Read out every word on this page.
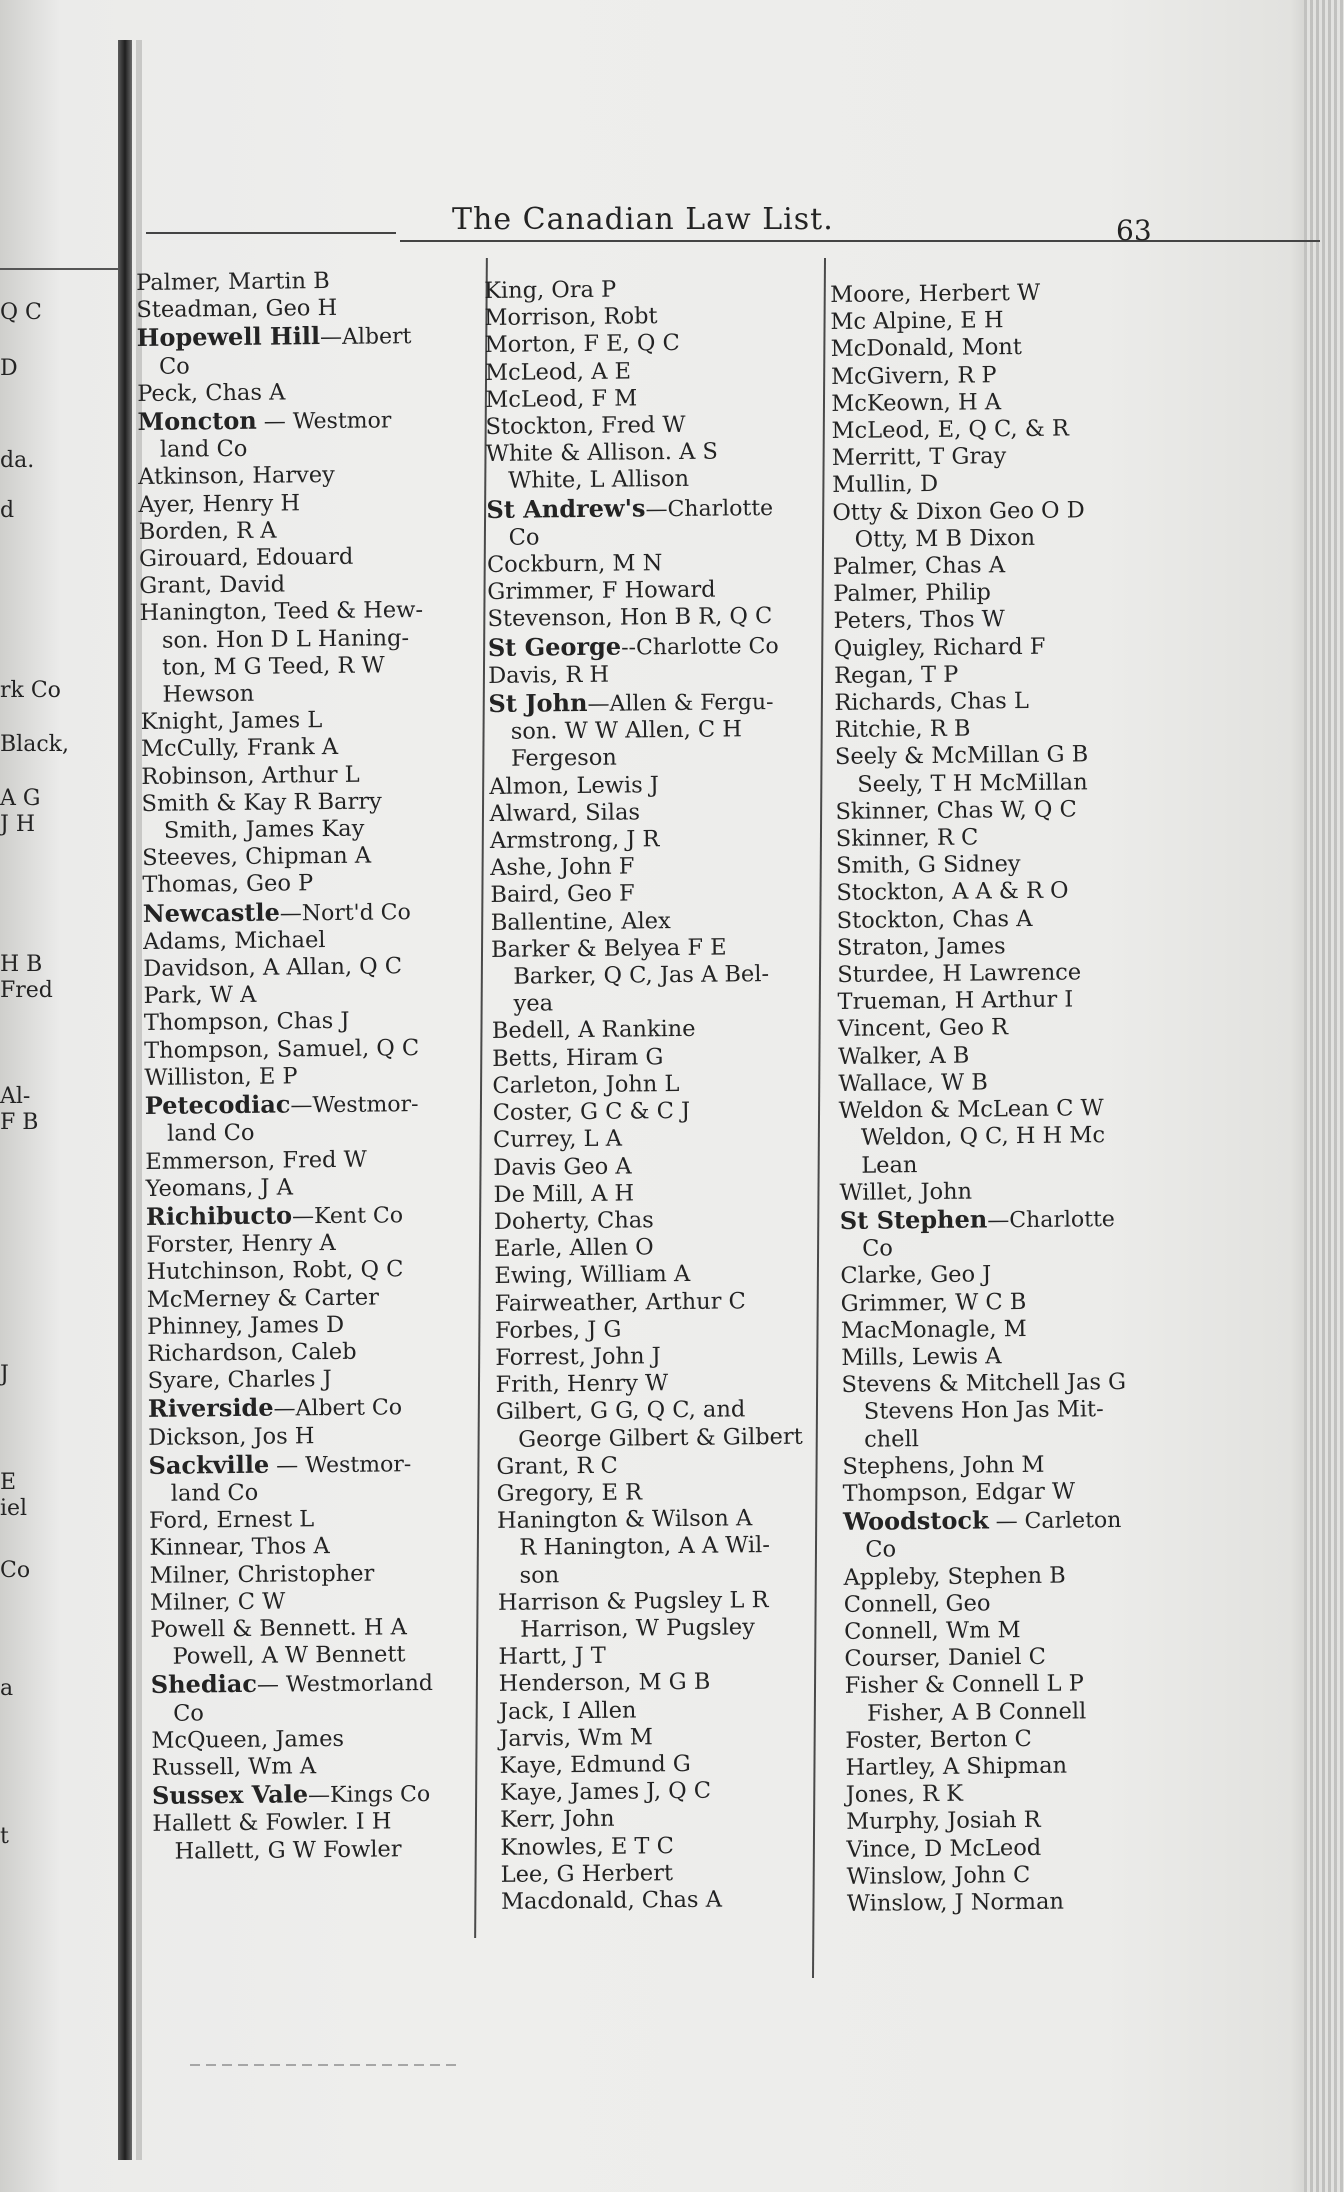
Q C
D
da.
d
rk Co
Black,
A G
J H
H B
Fred
Al-
F B
J
E
iel
Co
a
t
The Canadian Law List.	63
Palmer, Martin B
Steadman, Geo H
Hopewell Hill—Albert
Co
Peck, Chas A
Moncton — Westmor
land Co
Atkinson, Harvey
Ayer, Henry H
Borden, R A
Girouard, Edouard
Grant, David
Hanington, Teed & Hew-
son. Hon D L Haning-
ton, M G Teed, R W
Hewson
Knight, James L
McCully, Frank A
Robinson, Arthur L
Smith & Kay R Barry
Smith, James Kay
Steeves, Chipman A
Thomas, Geo P
Newcastle—Nort'd Co
Adams, Michael
Davidson, A Allan, Q C
Park, W A
Thompson, Chas J
Thompson, Samuel, Q C
Williston, E P
Petecodiac—Westmor-
land Co
Emmerson, Fred W
Yeomans, J A
Richibucto—Kent Co
Forster, Henry A
Hutchinson, Robt, Q C
McMerney & Carter
Phinney, James D
Richardson, Caleb
Syare, Charles J
Riverside—Albert Co
Dickson, Jos H
Sackville — Westmor-
land Co
Ford, Ernest L
Kinnear, Thos A
Milner, Christopher
Milner, C W
Powell & Bennett. H A
Powell, A W Bennett
Shediac— Westmorland
Co
McQueen, James
Russell, Wm A
Sussex Vale—Kings Co
Hallett & Fowler. I H
Hallett, G W Fowler
King, Ora P
Morrison, Robt
Morton, F E, Q C
McLeod, A E
McLeod, F M
Stockton, Fred W
White & Allison. A S
White, L Allison
St Andrew's—Charlotte
Co
Cockburn, M N
Grimmer, F Howard
Stevenson, Hon B R, Q C
St George--Charlotte Co
Davis, R H
St John—Allen & Fergu-
son. W W Allen, C H
Fergeson
Almon, Lewis J
Alward, Silas
Armstrong, J R
Ashe, John F
Baird, Geo F
Ballentine, Alex
Barker & Belyea F E
Barker, Q C, Jas A Bel-
yea
Bedell, A Rankine
Betts, Hiram G
Carleton, John L
Coster, G C & C J
Currey, L A
Davis Geo A
De Mill, A H
Doherty, Chas
Earle, Allen O
Ewing, William A
Fairweather, Arthur C
Forbes, J G
Forrest, John J
Frith, Henry W
Gilbert, G G, Q C, and
George Gilbert & Gilbert
Grant, R C
Gregory, E R
Hanington & Wilson A
R Hanington, A A Wil-
son
Harrison & Pugsley L R
Harrison, W Pugsley
Hartt, J T
Henderson, M G B
Jack, I Allen
Jarvis, Wm M
Kaye, Edmund G
Kaye, James J, Q C
Kerr, John
Knowles, E T C
Lee, G Herbert
Macdonald, Chas A
Moore, Herbert W
Mc Alpine, E H
McDonald, Mont
McGivern, R P
McKeown, H A
McLeod, E, Q C, & R
Merritt, T Gray
Mullin, D
Otty & Dixon Geo O D
Otty, M B Dixon
Palmer, Chas A
Palmer, Philip
Peters, Thos W
Quigley, Richard F
Regan, T P
Richards, Chas L
Ritchie, R B
Seely & McMillan G B
Seely, T H McMillan
Skinner, Chas W, Q C
Skinner, R C
Smith, G Sidney
Stockton, A A & R O
Stockton, Chas A
Straton, James
Sturdee, H Lawrence
Trueman, H Arthur I
Vincent, Geo R
Walker, A B
Wallace, W B
Weldon & McLean C W
Weldon, Q C, H H Mc
Lean
Willet, John
St Stephen—Charlotte
Co
Clarke, Geo J
Grimmer, W C B
MacMonagle, M
Mills, Lewis A
Stevens & Mitchell Jas G
Stevens Hon Jas Mit-
chell
Stephens, John M
Thompson, Edgar W
Woodstock — Carleton
Co
Appleby, Stephen B
Connell, Geo
Connell, Wm M
Courser, Daniel C
Fisher & Connell L P
Fisher, A B Connell
Foster, Berton C
Hartley, A Shipman
Jones, R K
Murphy, Josiah R
Vince, D McLeod
Winslow, John C
Winslow, J Norman
